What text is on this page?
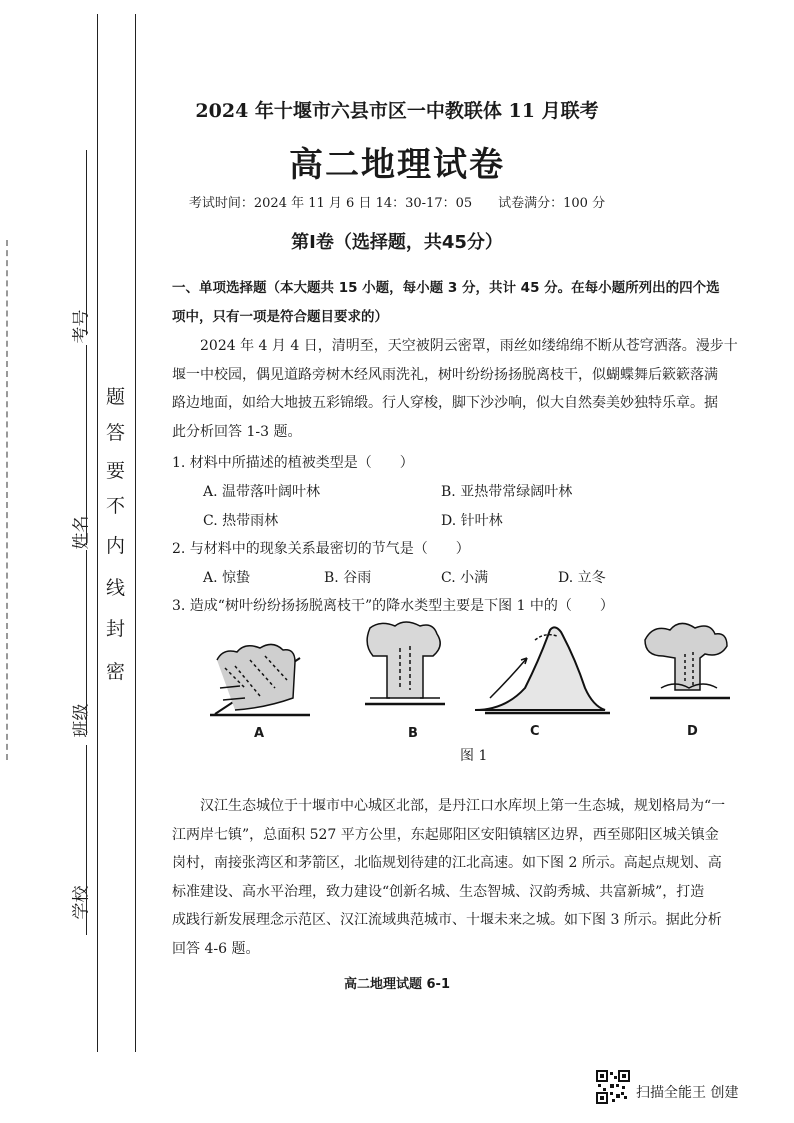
密
封
线
内
不
要
答
题
考号
姓名
班级
学校
2024 年十堰市六县市区一中教联体 11 月联考
高二地理试卷
考试时间：2024 年 11 月 6 日 14：30-17：05　　试卷满分：100 分
第Ⅰ卷（选择题，共45分）
一、单项选择题（本大题共 15 小题，每小题 3 分，共计 45 分。在每小题所列出的四个选
项中，只有一项是符合题目要求的）
2024 年 4 月 4 日，清明至，天空被阴云密罩，雨丝如缕绵绵不断从苍穹洒落。漫步十
堰一中校园，偶见道路旁树木经风雨洗礼，树叶纷纷扬扬脱离枝干，似蝴蝶舞后簌簌落满
路边地面，如给大地披五彩锦缎。行人穿梭，脚下沙沙响，似大自然奏美妙独特乐章。据
此分析回答 1-3 题。
1. 材料中所描述的植被类型是（　　）
A. 温带落叶阔叶林	B. 亚热带常绿阔叶林
C. 热带雨林	D. 针叶林
2. 与材料中的现象关系最密切的节气是（　　）
A. 惊蛰	B. 谷雨	C. 小满	D. 立冬
3. 造成“树叶纷纷扬扬脱离枝干”的降水类型主要是下图 1 中的（　　）
A	B	C	D
图 1
汉江生态城位于十堰市中心城区北部，是丹江口水库坝上第一生态城，规划格局为“一
江两岸七镇”，总面积 527 平方公里，东起郧阳区安阳镇辖区边界，西至郧阳区城关镇金
岗村，南接张湾区和茅箭区，北临规划待建的江北高速。如下图 2 所示。高起点规划、高
标准建设、高水平治理，致力建设“创新名城、生态智城、汉韵秀城、共富新城”，打造
成践行新发展理念示范区、汉江流域典范城市、十堰未来之城。如下图 3 所示。据此分析
回答 4-6 题。
高二地理试题 6-1
扫描全能王 创建
